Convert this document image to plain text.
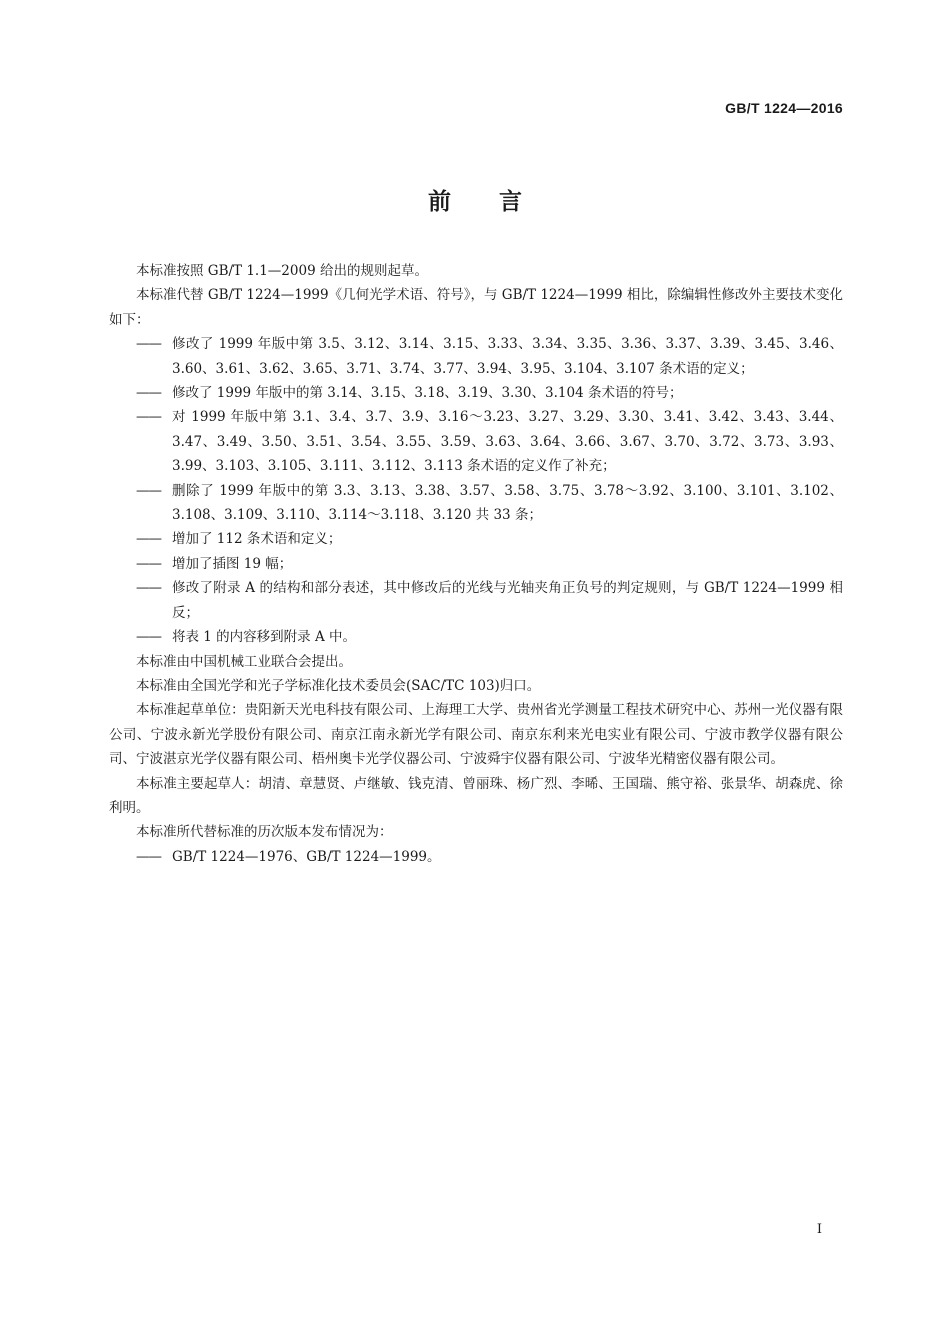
GB/T 1224—2016
前 言

本标准按照 GB/T 1.1—2009 给出的规则起草。

本标准代替 GB/T 1224—1999《几何光学术语、符号》，与 GB/T 1224—1999 相比，除编辑性修改外主要技术变化如下：

—— 修改了 1999 年版中第 3.5、3.12、3.14、3.15、3.33、3.34、3.35、3.36、3.37、3.39、3.45、3.46、3.60、3.61、3.62、3.65、3.71、3.74、3.77、3.94、3.95、3.104、3.107 条术语的定义；

—— 修改了 1999 年版中的第 3.14、3.15、3.18、3.19、3.30、3.104 条术语的符号；

—— 对 1999 年版中第 3.1、3.4、3.7、3.9、3.16～3.23、3.27、3.29、3.30、3.41、3.42、3.43、3.44、3.47、3.49、3.50、3.51、3.54、3.55、3.59、3.63、3.64、3.66、3.67、3.70、3.72、3.73、3.93、3.99、3.103、3.105、3.111、3.112、3.113 条术语的定义作了补充；

—— 删除了 1999 年版中的第 3.3、3.13、3.38、3.57、3.58、3.75、3.78～3.92、3.100、3.101、3.102、3.108、3.109、3.110、3.114～3.118、3.120 共 33 条；

—— 增加了 112 条术语和定义；

—— 增加了插图 19 幅；

—— 修改了附录 A 的结构和部分表述，其中修改后的光线与光轴夹角正负号的判定规则，与 GB/T 1224—1999 相反；

—— 将表 1 的内容移到附录 A 中。

本标准由中国机械工业联合会提出。

本标准由全国光学和光子学标准化技术委员会(SAC/TC 103)归口。

本标准起草单位：贵阳新天光电科技有限公司、上海理工大学、贵州省光学测量工程技术研究中心、苏州一光仪器有限公司、宁波永新光学股份有限公司、南京江南永新光学有限公司、南京东利来光电实业有限公司、宁波市教学仪器有限公司、宁波湛京光学仪器有限公司、梧州奥卡光学仪器公司、宁波舜宇仪器有限公司、宁波华光精密仪器有限公司。

本标准主要起草人：胡清、章慧贤、卢继敏、钱克清、曾丽珠、杨广烈、李晞、王国瑞、熊守裕、张景华、胡森虎、徐利明。

本标准所代替标准的历次版本发布情况为：

—— GB/T 1224—1976、GB/T 1224—1999。

I
